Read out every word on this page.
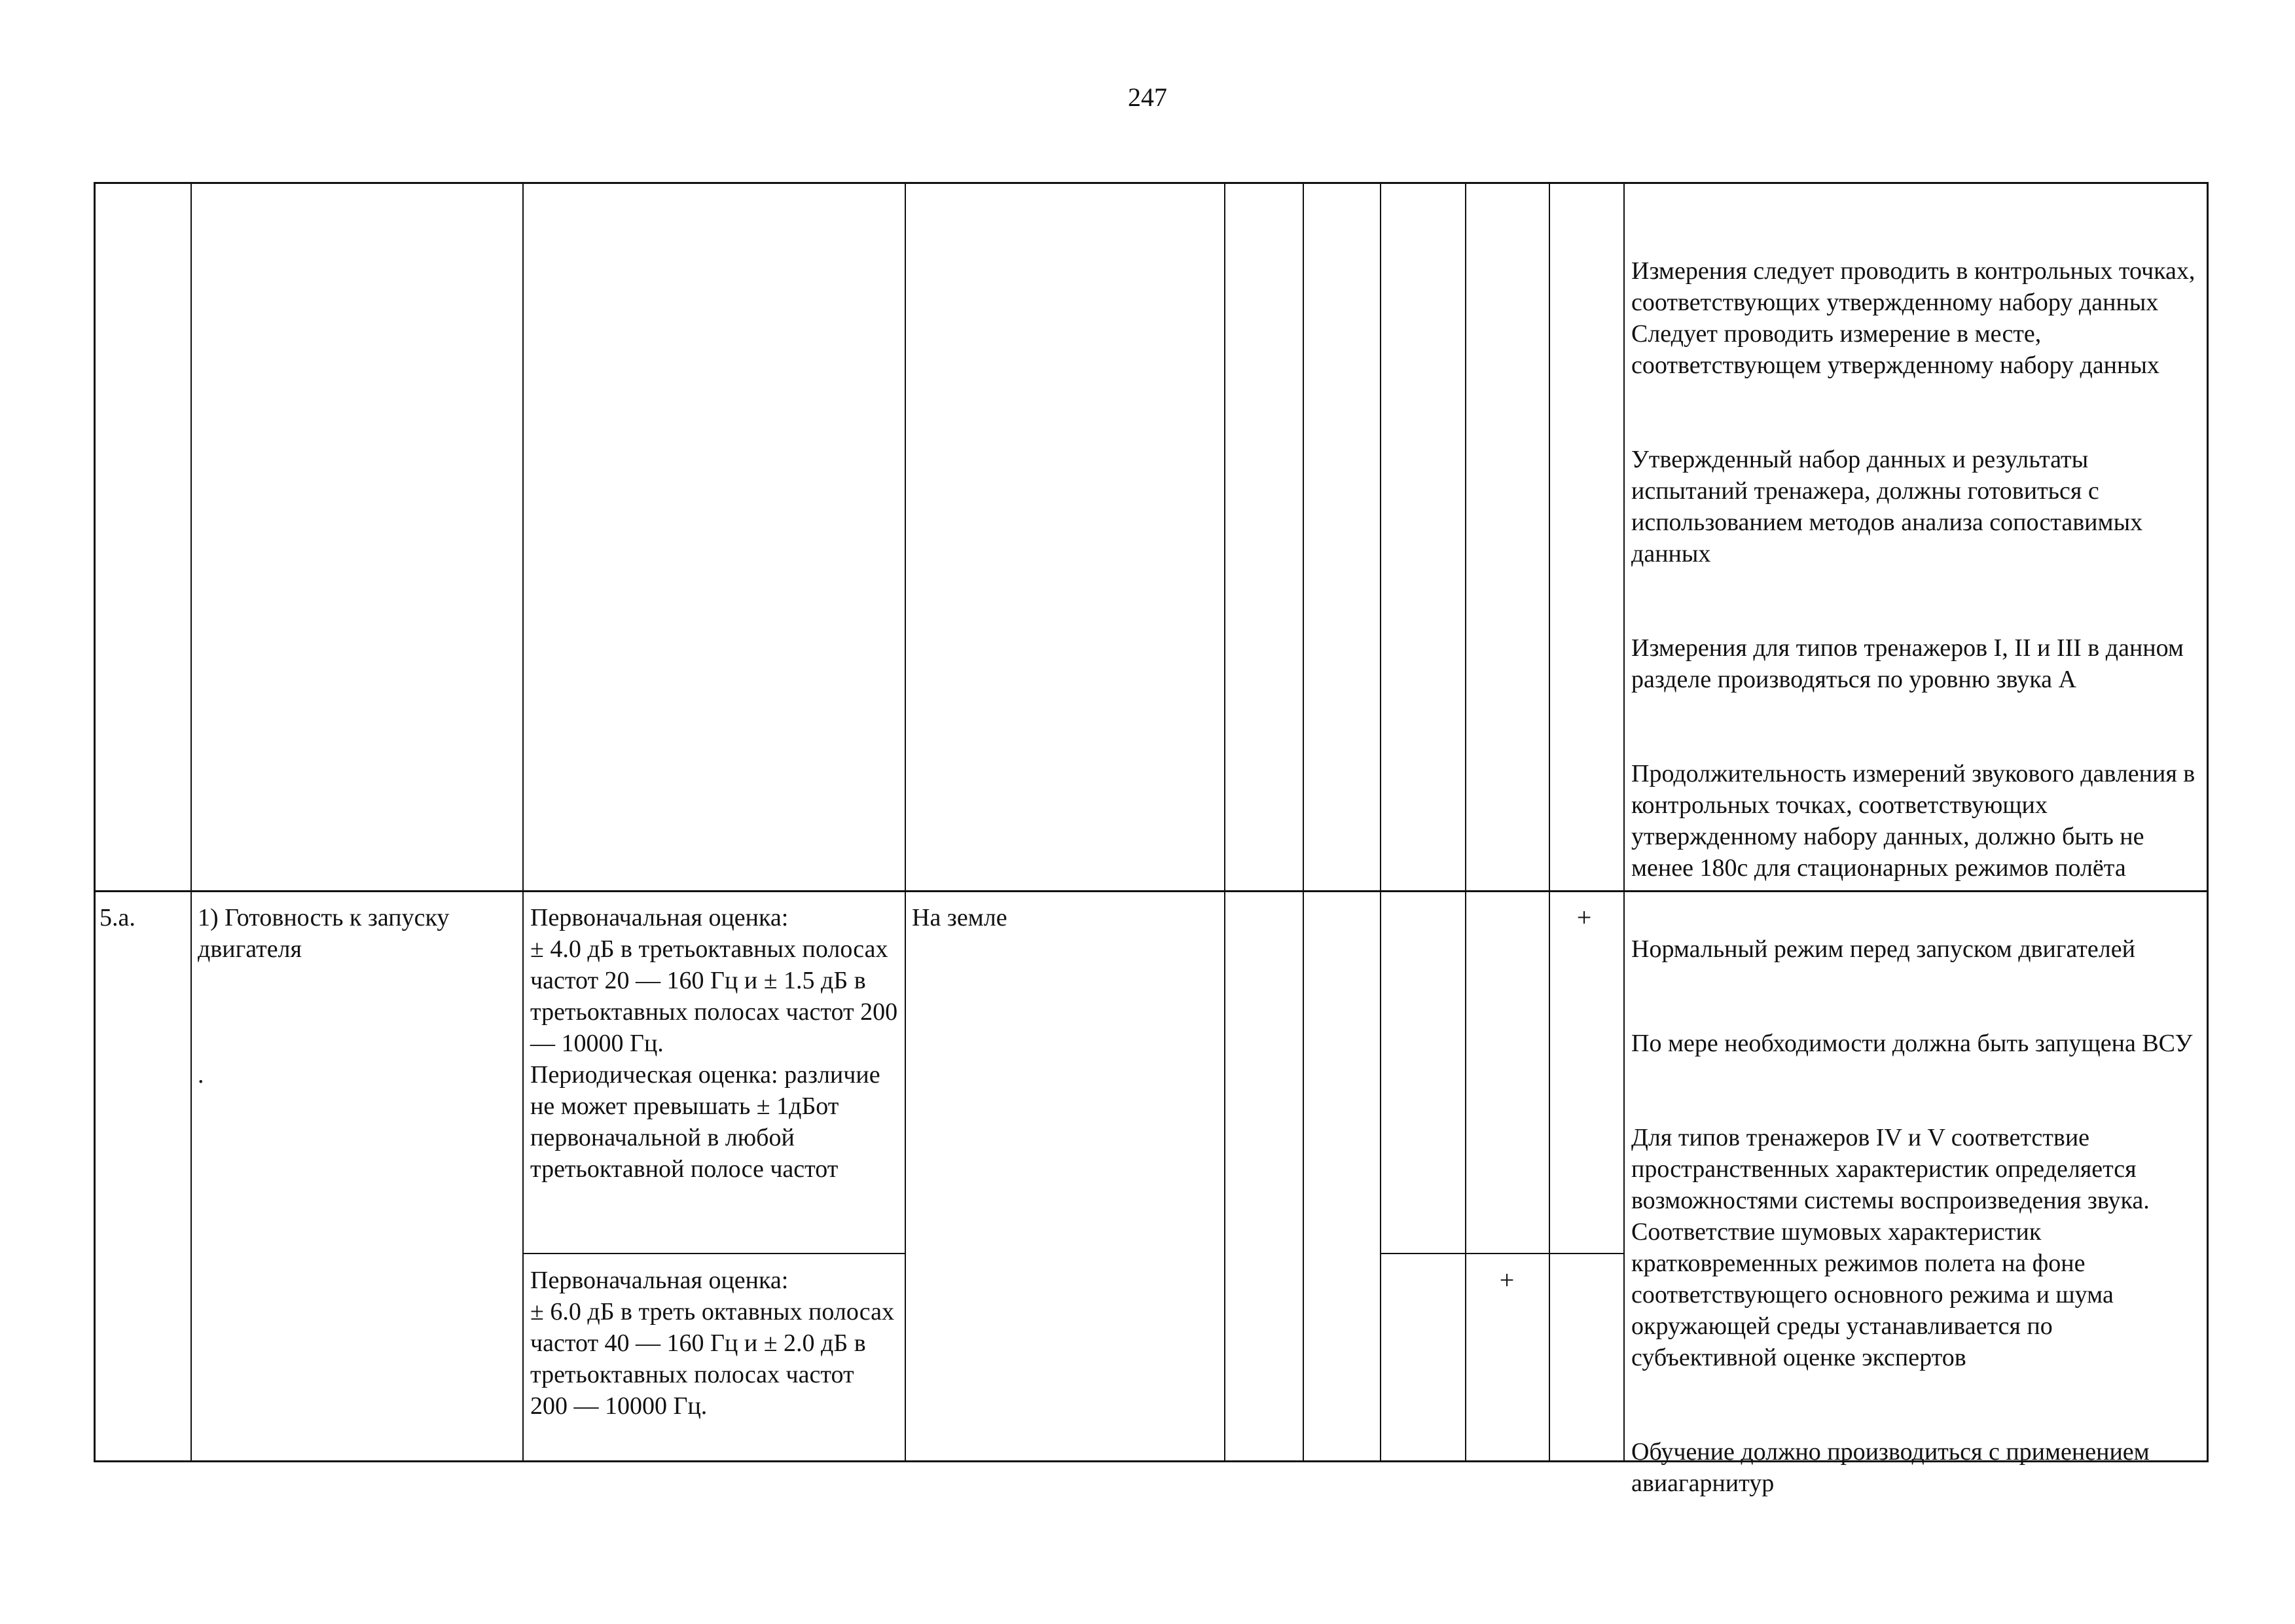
247

Измерения следует проводить в контрольных точках, соответствующих утвержденному набору данных
Следует проводить измерение в месте, соответствующем утвержденному набору данных

Утвержденный набор данных и результаты испытаний тренажера, должны готовиться с использованием методов анализа сопоставимых данных

Измерения для типов тренажеров I, II и III в данном разделе производяться по уровню звука А

Продолжительность измерений звукового давления в контрольных точках, соответствующих утвержденному набору данных, должно быть не менее 180с для стационарных режимов полёта

5.a.	1) Готовность к запуску двигателя
.
Первоначальная оценка:
± 4.0 дБ в третьоктавных полосах частот 20 — 160 Гц и ± 1.5 дБ в третьоктавных полосах частот 200 — 10000 Гц.
Периодическая оценка: различие не может превышать ± 1дБот первоначальной в любой третьоктавной полосе частот
Первоначальная оценка:
± 6.0 дБ в треть октавных полосах частот 40 — 160 Гц и ± 2.0 дБ в третьоктавных полосах частот
200 — 10000 Гц.
На земле	+
+

Нормальный режим перед запуском двигателей

По мере необходимости должна быть запущена ВСУ

Для типов тренажеров IV и V соответствие пространственных характеристик определяется возможностями системы воспроизведения звука. Соответствие шумовых характеристик кратковременных режимов полета на фоне соответствующего основного режима и шума окружающей среды устанавливается по субъективной оценке экспертов

Обучение должно производиться с применением авиагарнитур
